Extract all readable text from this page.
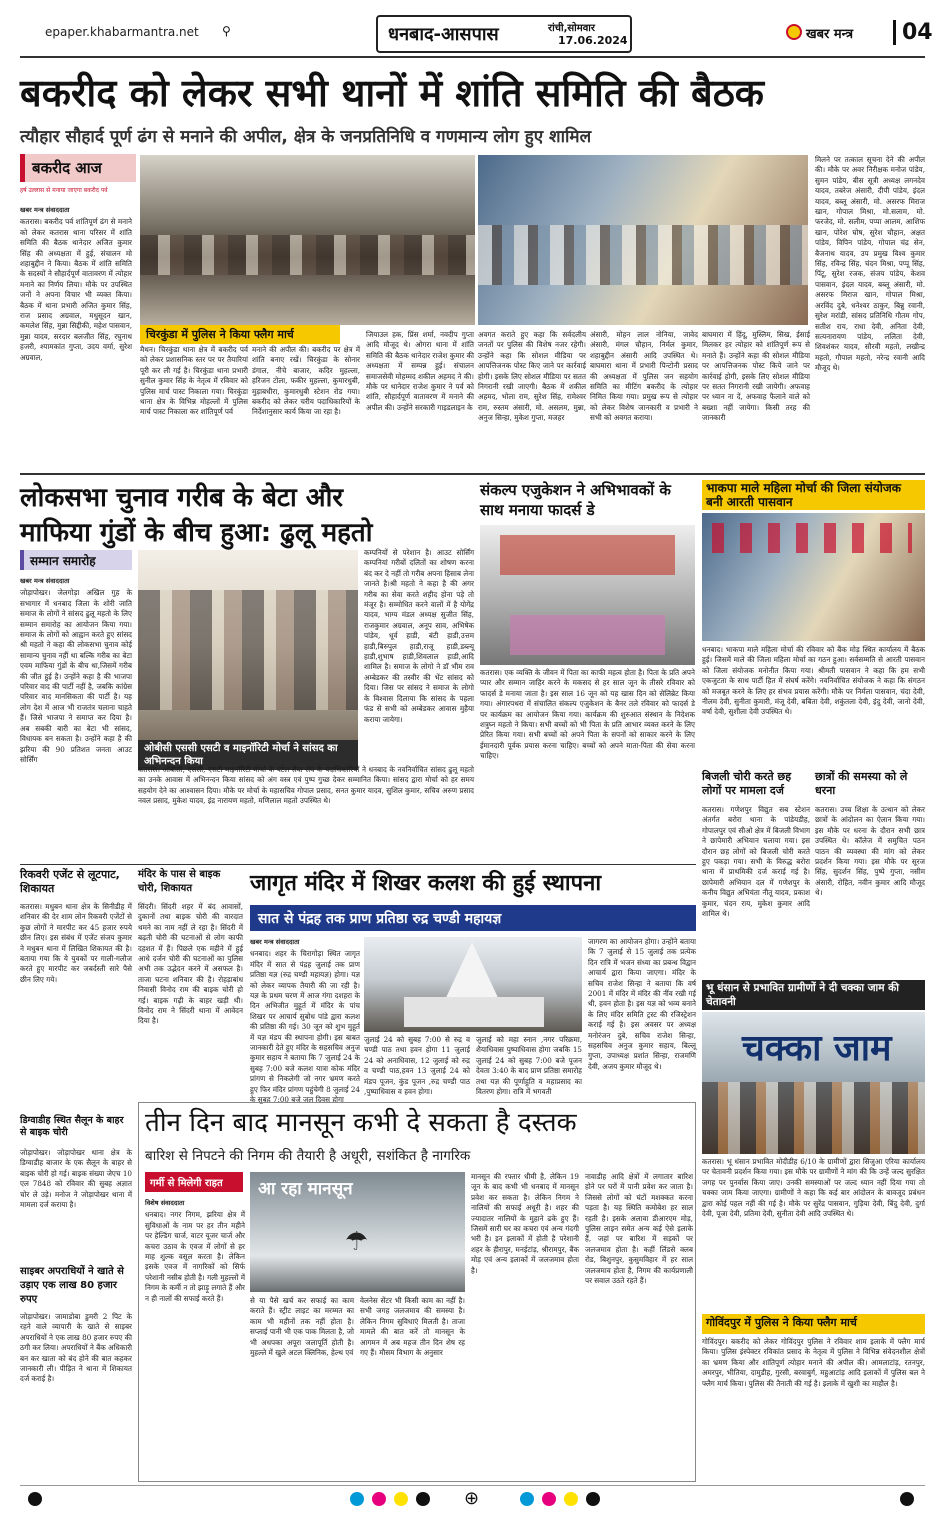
epaper.khabarmantra.net ⚲	धनबाद-आसपास	रांची,सोमवार
17.06.2024	खबर मन्त्र	04
बकरीद को लेकर सभी थानों में शांति समिति की बैठक
त्यौहार सौहार्द पूर्ण ढंग से मनाने की अपील, क्षेत्र के जनप्रतिनिधि व गणमान्य लोग हुए शामिल
बकरीद आज
हर्ष उल्लास से मनाया जाएगा बकरीद पर्व
खबर मन्त्र संवाददाता
कतरास। बकरीद पर्व शांतिपूर्ण ढंग से मनाने को लेकर कतरास थाना परिसर में शांति समिति की बैठक थानेदार अजित कुमार सिंह की अध्यक्षता में हुई, संचालन मो शहाबुद्दीन ने किया। बैठक में शांति समिति के सदस्यों ने सौहार्दपूर्ण वातावरण में त्योहार मनाने का निर्णय लिया। मौके पर उपस्थित जनों ने अपना विचार भी व्यक्त किया। बैठक में थाना प्रभारी अजित कुमार सिंह, राज प्रसाद अग्रवाल, मधुसूदन खान, कमलेश सिंह, मुन्ना सिद्दीकी, महेश पासवान, मुन्ना यादव, सरदार बलजीत सिंह, रघुनाथ हजरी, श्यामकांत गुप्ता, उदय वर्मा, सुरेश अग्रवाल,
चिरकुंडा में पुलिस ने किया फ्लैग मार्च
मैथन। चिरकुंडा थाना क्षेत्र में बकरीद पर्व को लेकर प्रशासनिक स्तर पर पर तैयारियां पूरी कर ली गई है। चिरकुंडा थाना प्रभारी सुनील कुमार सिंह के नेतृत्व में रविवार को पुलिस मार्च पास्ट निकाला गया। चिरकुंडा थाना क्षेत्र के विभिन्न मोहल्लों में पुलिस मार्च पास्ट निकाला कर शांतिपूर्ण पर्व
मनाने की अपील की। बकरीद पर क्षेत्र में शांति बनाए रखें। चिरकुंडा के सोनार डंगाल, नीचे बाजार, कदिर मुहल्ला, हरिजन टोला, फकीर मुहल्ला, कुमारधुबी, मुड़ाबधीरा, कुमारधुबी स्टेशन रोड गया। बकरीद को लेकर चरीय पदाधिकारियों के निर्देशानुसार कार्य किया जा रहा है।
जियाउल हक, प्रिंस शर्मा, नवदीप गुप्ता आदि मौजूद थे। ओगरा थाना में शांति समिति की बैठक थानेदार राजेश कुमार की अध्यक्षता में सम्पन्न हुई। संचालन समाजसेवी मोहम्मद शकील अहमद ने की। मौके पर थानेदार राजेश कुमार ने पर्व को शांति, सौहार्दपूर्ण वातावरण में मनाने की अपील की। उन्होंने सरकारी गाइडलाइन के
अवगत कराते हुए कहा कि सर्वदलीय जनतों पर पुलिस की विशेष नजर रहेगी। उन्होंने कहा कि सोशल मीडिया पर आपत्तिजनक पोस्ट किए जाने पर कार्रवाई होगी। इसके लिए सोशल मीडिया पर सतत निगरानी रखी जाएगी। बैठक में शकील अहमद, भोला राम, सुरेश सिंह, रामेश्वर राम, रुस्तम अंसारी, मो. असलम, मुन्ना, अनुज सिन्हा, मुकेश गुप्ता, मजहर
अंसारी, मोहन लाल नोनिया, जावेद अंसारी, मंगल चौहान, निर्मल कुमार, शहाबुद्दीन अंसारी आदि उपस्थित थे। बाघमारा थाना में प्रभारी पिन्टोनी प्रसाद की अध्यक्षता में पुलिस जन सहयोग समिति का मीटिंग बकरीद के त्योहार निमित किया गया। प्रमुख रूप से त्योहार को लेकर विशेष जानकारी व प्रभारी ने सभी को अवगत कराया।
बाघमारा में हिंदू, मुस्लिम, सिख, ईसाई मिलकर हर त्योहार को शांतिपूर्ण रूप से मनाते हैं। उन्होंने कहा की सोशल मीडिया पर आपत्तिजनक पोस्ट किये जाने पर कार्रवाई होगी, इसके लिए सोशल मीडिया पर सतत निगरानी रखी जायेगी। अफवाह पर ध्यान ना दें, अफवाह फैलाने वाले को बख्शा नहीं जायेगा। किसी तरह की जानकारी
मिलने पर तत्काल सूचना देने की अपील की। मौके पर अवर निरीक्षक मनोज पांडेय, सुमन पांडेय, बीस सूत्री अध्यक्ष लगनदेव यादव, तबरेज अंसारी, दीपी पांडेय, इंदल यादव, बब्लू अंसारी, मो. असरफ मिराज खान, गोपाल मिश्रा, मो.सलाम, मो. फरजेद, मो. सलीम, पप्पा आलम, आशिफ खान, पोरेश घोष, सुरेश चौहान, अक्षत पांडेय, विपिन पांडेय, गोपाल चंद्र सेन, बैजनाथ यादव, उप प्रमुख विश्व कुमार सिंह, रविन्द्र सिंह, चंदन मिश्रा, पप्पू सिंह, पिंटू, सुरेश रजक, संजय पांडेय, केशव पासवान, इंदल यादव, बब्लू अंसारी, मो. असरफ मिराज खान, गोपाल मिश्रा, अरविंद दुबे, धनेश्वर ठाकुर, बिन्नु रवानी, सुरेश मरांडी, सांसद प्रतिनिधि गौतम गोप, सतीश राय, राधा देवी, अनिता देवी, सत्यनारायण पांडेय, ललिता देवी, शिवशंकर यादव, सौरवी महतो, लखीन्द्र महतो, गौपाल महतो, नरेन्द्र रवानी आदि मौजूद थे।
लोकसभा चुनाव गरीब के बेटा और
माफिया गुंडों के बीच हुआ: ढुलू महतो
सम्मान समारोह
खबर मन्त्र संवाददाता
जोड़ापोखर। जेलगोड़ा अखिल गुह के सभागार में धनबाद जिला के शोरी जाति समाज के लोगों ने सांसद ढुलू महतो के लिए सम्मान समारोह का आयोजन किया गया। समाज के लोगों को आह्वान करते हुए सांसद श्री महतो ने कहा की लोकसभा चुनाव कोई सामान्य चुनाव नहीं था बल्कि गरीब का बेटा एवम माफिया गुंडों के बीच था,जिसमें गरीब की जीत हुई है। उन्होंने कहा है की भाजपा परिवार वाद की पार्टी नहीं है, जबकि कांग्रेस परिवार वाद मानसिकता की पार्टी है। यह लोग देश में आज भी राजतंत्र चलाना चाहते हैं। जिसे भाजपा ने समाप्त कर दिया है। अब सबकी बारी का बेटा भी सांसद, विधायक बन सकता है। उन्होंने कहा है की झरिया की 90 प्रतिशत जनता आउट सोर्सिंग
ओबीसी एससी एसटी व माइनॉरिटी मोर्चा ने सांसद का अभिनन्दन किया
कम्पनियों से परेशान है। आउट सोर्सिंग कम्पनियां गरीबों दलितों का शोषण करना बंद कर दे नहीं तो गरीब अपना हिसाब लेना जानते है।श्री महतो ने कहा है की अगर गरीब का सेवा करते शहीद होना पड़े तो मंजूर है। सम्मोधित करने वालों में है योगेंद्र यादव, भाग्य मंडल अध्यक्ष सुजीत सिंह, राजकुमार अग्रवाल, अनूप साव, अभिषेक पांडेय, धूर्व हाडी, बंटी हाडी,उत्तम हाडी,बिरुपुल हाडी,राजू हाडी,डब्ल्यू हाडी,शुभाष हाडी,शिवलाल हाडी,आदि शामिल है। समाज के लोगो ने डॉ भीम राव अम्बेडकर की तस्वीर की भेंट सांसद को दिया। जिस पर सांसद ने समाज के लोगो के विश्वास दिलाया कि सांसद के पहला फंड से सभी को अम्बेडकर आवास मुहैया कराया जायेगा।
कतरास। ओबीसी, एससी, एसटी माइनॉरिटी मोर्चा के पटेल सेवा संघ के पदाधिकारियों ने धनबाद के नवनिर्वाचित सांसद ढुलू महतो का उनके आवास में अभिनन्दन किया सांसद को अंग वस्त्र एवं पुष्प गुच्छ देकर सम्मानित किया। सांसद द्वारा मोर्चा को हर समय सहयोग देने का आश्वासन दिया। मौके पर मोर्चा के महासचिव गोपाल प्रसाद, सनत कुमार यादव, सुशिल कुमार, सचिव अरुण प्रसाद नवल प्रसाद, मुकेश यादव, इंद्र नारायण महतो, मणिलाल महतो उपस्थित थे।
संकल्प एजुकेशन ने अभिभावकों के साथ मनाया फादर्स डे
कतरास। एक व्यक्ति के जीवन में पिता का काफी महत्व होता है। पिता के प्रति अपने प्यार और सम्मान जाहिर करने के मकसद से हर साल जून के तीसरे रविवार को फादर्स डे मनाया जाता है। इस साल 16 जून को यह खास दिन को सेलिब्रेट किया गया। अंगारपथरा में संचालित संकल्प एजुकेशन के बैनर तले रविवार को फादर्स डे पर कार्यक्रम का आयोजन किया गया। कार्यक्रम की शुरुआत संस्थान के निदेशक शत्रुघ्न महतो ने किया। सभी बच्चों को भी पिता के प्रति आभार व्यक्त करने के लिए प्रेरित किया गया। सभी बच्चों को अपने पिता के सपनों को साकार करने के लिए ईमानदारी पूर्वक प्रयास करना चाहिए। बच्चों को अपने माता-पिता की सेवा करना चाहिए।
भाकपा माले महिला मोर्चा की जिला संयोजक बनी आरती पासवान
धनबाद। भाकपा माले महिला मोर्चा की रविवार को बैंक मोड़ स्थित कार्यालय में बैठक हुई। जिसमें माले की जिला महिला मोर्चा का गठन हुआ। सर्वसम्मति से आरती पासवान को जिला संयोजक मनोनीत किया गया। श्रीमती पासवान ने कहा कि हम सभी एकजुटता के साथ पार्टी हित में संघर्ष करेंगे। नवनिर्वाचित संयोजक ने कहा कि संगठन को मजबूत करने के लिए हर संभव प्रयास करेंगी। मौके पर निर्मला पासवान, चंदा देवी, नीलम देवी, सुनीता कुमारी, मंजू देवी, बबिता देवी, शकुंतला देवी, इंदु देवी, जानो देवी, वर्षा देवी, सुशीला देवी उपस्थित थे।
बिजली चोरी करते छह लोगों पर मामला दर्ज
कतरास। गणेशपुर विद्युत सब स्टेशन अंतर्गत बरोरा थाना के पांडेयडीह, गोपालपुर एवं सीओ क्षेत्र में बिजली विभाग ने छापेमारी अभियान चलाया गया। इस दौरान छह लोगों को बिजली चोरी करते हुए पकड़ा गया। सभी के विरुद्ध बरोरा थाना में प्राथमिकी दर्ज कराई गई है। छापेमारी अभियान दल में गणेशपुर के कनीय विद्युत अभियंता नीतू यादव, प्रकाश कुमार, चंदन राय, मुकेश कुमार आदि शामिल थे।
छात्रों की समस्या को ले धरना
कतरास। उच्च शिक्षा के उत्थान को लेकर छात्रों के आंदोलन का ऐलान किया गया। इस मौके पर धरना के दौरान सभी छात्र उपस्थित थे। कॉलेज में समुचित पठन पाठन की व्यवस्था की मांग को लेकर प्रदर्शन किया गया। इस मौके पर सूरज सिंह, सुदर्शन सिंह, पुष्पे गुप्ता, नसीम अंसारी, रोहित, नवीन कुमार आदि मौजूद थे।
भू धंसान से प्रभावित ग्रामीणों ने दी चक्का जाम की चेतावनी
चक्का जाम
कतरास। भू धंसान प्रभावित मोदीडीह 6/10 के ग्रामीणों द्वारा सिजुआ एरिया कार्यालय पर चेतावनी प्रदर्शन किया गया। इस मौके पर ग्रामीणों ने मांग की कि उन्हें जल्द सुरक्षित जगह पर पुनर्वास किया जाए। उनकी समस्याओं पर जल्द ध्यान नहीं दिया गया तो चक्का जाम किया जाएगा। ग्रामीणों ने कहा कि कई बार आंदोलन के बावजूद प्रबंधन द्वारा कोई पहल नहीं की गई है। मौके पर सुरेंद्र पासवान, गुड़िया देवी, बिंदु देवी, दुर्गा देवी, पूजा देवी, प्रतिमा देवी, सुनीता देवी आदि उपस्थित थे।
गोविंदपुर में पुलिस ने किया फ्लैग मार्च
गोविंदपुर। बकरीद को लेकर गोविंदपुर पुलिस ने रविवार शाम इलाके में फ्लैग मार्च किया। पुलिस इंस्पेक्टर रविकांत प्रसाद के नेतृत्व में पुलिस ने विभिन्न संवेदनशील क्षेत्रों का भ्रमण किया और शांतिपूर्ण त्योहार मनाने की अपील की। आमलाटांड़, रतनपुर, अमरपुर, भीतिया, दामुडीह, गुरसी, बरवाबुर्ग, महुआटांड़ आदि इलाकों में पुलिस बल ने फ्लैग मार्च किया। पुलिस की तैनाती की गई है। इलाके में खुशी का माहौल है।
रिकवरी एजेंट से लूटपाट, शिकायत
कतरास। मधुबन थाना क्षेत्र के सिनीडीह में शनिवार की देर शाम लोन रिकवरी एजेंटों से कुछ लोगों ने मारपीट कर 45 हजार रुपये छीन लिए। इस संबंध में एजेंट संजय कुमार ने मधुबन थाना में लिखित शिकायत की है। बताया गया कि ये युवकों पर गाली-गलौज करते हुए मारपीट कर जबर्दस्ती सारे पैसे छीन लिए गये।
डिग्वाडीह स्थित सैलून के बाहर से बाइक चोरी
जोड़ापोखर। जोड़ापोखर थाना क्षेत्र के डिग्वाडीह बाजार के एक सैलून के बाहर से बाइक चोरी हो गई। बाइक संख्या जेएच 10 एल 7848 को रविवार की सुबह अज्ञात चोर ले उड़े। मनोज ने जोड़ापोखर थाना में मामला दर्ज कराया है।
साइबर अपराधियों ने खाते से उड़ाए एक लाख 80 हजार रुपए
जोड़ापोखर। जामाडोबा डुमरी 2 पिट के रहने वाले व्यापारी के खाते से साइबर अपराधियों ने एक लाख 80 हजार रुपए की ठगी कर लिया। अपराधियों ने बैंक अधिकारी बन कर खाता को बंद होने की बात कहकर जानकारी ली। पीड़ित ने थाना में शिकायत दर्ज कराई है।
मंदिर के पास से बाइक चोरी, शिकायत
सिंदरी। सिंदरी शहर में बंद आवासों, दुकानों तथा बाइक चोरी की वारदात थमने का नाम नहीं ले रहा है। सिंदरी में बढ़ती चोरी की घटनाओं से लोग काफी दहशत में हैं। पिछले एक महीने में हुई आधे दर्जन चोरी की घटनाओं का पुलिस अभी तक उद्भेदन करने में असफल है। ताजा घटना शनिवार की है। रोहड़ाबांध निवासी विनोद राम की बाइक चोरी हो गई। बाइक गढ़ी के बाहर खड़ी थी। विनोद राम ने सिंदरी थाना में आवेदन दिया है।
जागृत मंदिर में शिखर कलश की हुई स्थापना
सात से पंद्रह तक प्राण प्रतिष्ठा रुद्र चण्डी महायज्ञ
खबर मन्त्र संवाददाता
धनबाद। शहर के चिरागोड़ा स्थित जागृत मंदिर में सात से पंद्रह जुलाई तक प्राण प्रतिष्ठा यज्ञ (रुद्र चण्डी महायज्ञ) होगा। यज्ञ को लेकर व्यापक तैयारी की जा रही है। यज्ञ के प्रथम चरण में आज गंगा दशहरा के दिन अभिजीत मुहूर्त में मंदिर के पांच शिखर पर आचार्य सुबोध पांडे द्वारा कलश की प्रतिष्ठा की गई। 30 जून को शुभ मुहूर्त में यज्ञ मंडप की स्थापना होगी। इस बाबत जानकारी देते हुए मंदिर के सहसचिव अनुज कुमार सहाय ने बताया कि 7 जुलाई 24 के सुबह 7:00 बजे कलश यात्रा कोक मंदिर प्रांगण से निकलेगी जो नगर भ्रमण करते हुए फिर मंदिर प्रांगण पहुंचेगी 8 जुलाई 24 के सुबह 7:00 बजे जल दिवस होगा
जुलाई 24 को सुबह 7:00 से रुद्र व चण्डी पाठ तथा हवन होगा 11 जुलाई 24 को अनाधिवास, 12 जुलाई को रुद्र व चण्डी पाठ,हवन 13 जुलाई 24 को मंडप पूजन, कुंड पूजन ,रुद्र चण्डी पाठ ,पुष्पाधिवास व हवन होगा।
जुलाई को महा स्नान ,नगर परिक्रमा, शैयाधिवास पुष्पाधिवास होगा जबकि 15 जुलाई 24 को सुबह 7:00 बजे पूजन देवता 3:40 के बाद प्राण प्रतिष्ठा समारोह तथा यज्ञ की पूर्णाहुति व महाप्रसाद का वितरण होगा। रात्रि में भगवती
जागरण का आयोजन होगा। उन्होंने बताया कि 7 जुलाई से 15 जुलाई तक प्रत्येक दिन रात्रि में भजन संध्या का प्रबन्ध विद्वान आचार्य द्वारा किया जाएगा। मंदिर के सचिव राजेश सिन्हा ने बताया कि वर्ष 2001 में मंदिर में मंदिर की नींव रखी गई थी, हवन होता है। इस यज्ञ को भव्य बनाने के लिए मंदिर समिति ट्रस्ट की रजिस्ट्रेशन कराई गई है। इस अवसर पर अध्यक्ष मनोरंजन दुबे, सचिव राजेश सिन्हा, सहसचिव अनुज कुमार सहाय, बिल्लू गुप्ता, उपाध्यक्ष प्रशांत सिन्हा, राजमणि देवी, अजय कुमार मौजूद थे।
तीन दिन बाद मानसून कभी दे सकता है दस्तक
बारिश से निपटने की निगम की तैयारी है अधूरी, सशंकित है नागरिक
गर्मी से मिलेगी राहत
विशेष संवाददाता
धनबाद। नगर निगम, झरिया क्षेत्र में सुविधाओं के नाम पर हर तीन महीने पर हेल्डिंग चार्ज, वाटर यूजर चार्ज और कचरा उठाव के एवज में लोगों से हर माह शुल्क वसूल करता है। लेकिन इसके एवज में नागरिकों को सिर्फ परेशानी नसीब होती है। गली मुहल्लों में निगम के कर्मी न तो झाड़ू लगाते हैं और न ही नालों की सफाई करते हैं।
आ रहा मानसून
☂
से या पैसे खर्च कर सफाई का काम कराते हैं। स्ट्रीट लाइट का मरम्मत का काम भी महीनों तक नहीं होता है। सप्लाई पानी भी एक पाक मिलता है, जो भी अधपका अपूरा जलापूर्ति होती है। मुहल्ले में खुले अटल क्लिनिक, हेल्थ एवं
वेलनेस सेंटर भी किसी काम का नहीं है। सभी जगह जलजमाव की समस्या है। लेकिन निगम सुविधाएं मिलती है। ताजा मामले की बात करें तो मानसून के आगमन में अब महज तीन दिन शेष रह गए हैं। मौसम विभाग के अनुसार
मानसून की रफ्तार धीमी है, लेकिन 19 जून के बाद कभी भी धनबाद में मानसून प्रवेश कर सकता है। लेकिन निगम ने नालियों की सफाई अधूरी है। शहर की ज्यादातर नालियों के मुहाने ढके हुए हैं। जिसमें सारी घर का कचरा एवं अन्य गंदगी भरी है। इन इलाकों में होती है परेशानी शहर के हीरापुर, मनईटांड़, श्रीरामपुर, बैंक मोड़ एवं अन्य इलाकों में जलजमाव होता है।
नावाडीह आदि क्षेत्रों में लगातार बारिश होने पर घरों में पानी प्रवेश कर जाता है। जिससे लोगों को घंटों मशक्कत करना पड़ता है। यह स्थिति कमोबेश हर साल रहती है। इसके अलावा डीआरएम मोड़, पुलिस लाइन समेत अन्य कई ऐसे इलाके हैं, जहां पर बारिश में सड़कों पर जलजमाव होता है। कहीं लिंडसे क्लब रोड, बिशुनपुर, कुसुमविहार में हर साल जलजमाव होता है, निगम की कार्यप्रणाली पर सवाल उठते रहते हैं।
⊕
